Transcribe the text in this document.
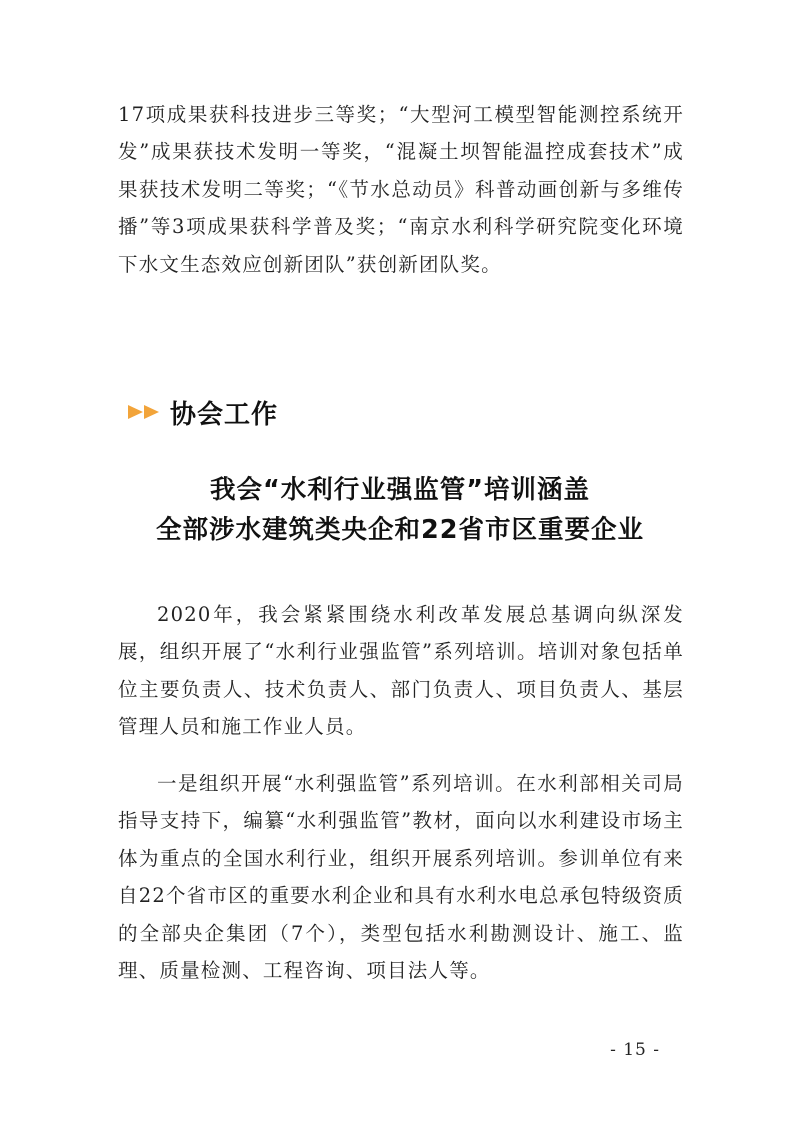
17项成果获科技进步三等奖；“大型河工模型智能测控系统开发”成果获技术发明一等奖，“混凝土坝智能温控成套技术”成果获技术发明二等奖；“《节水总动员》科普动画创新与多维传播”等3项成果获科学普及奖；“南京水利科学研究院变化环境下水文生态效应创新团队”获创新团队奖。

协会工作
我会“水利行业强监管”培训涵盖
全部涉水建筑类央企和22省市区重要企业

2020年，我会紧紧围绕水利改革发展总基调向纵深发展，组织开展了“水利行业强监管”系列培训。培训对象包括单位主要负责人、技术负责人、部门负责人、项目负责人、基层管理人员和施工作业人员。

一是组织开展“水利强监管”系列培训。在水利部相关司局指导支持下，编纂“水利强监管”教材，面向以水利建设市场主体为重点的全国水利行业，组织开展系列培训。参训单位有来自22个省市区的重要水利企业和具有水利水电总承包特级资质的全部央企集团（7个），类型包括水利勘测设计、施工、监理、质量检测、工程咨询、项目法人等。

- 15 -
